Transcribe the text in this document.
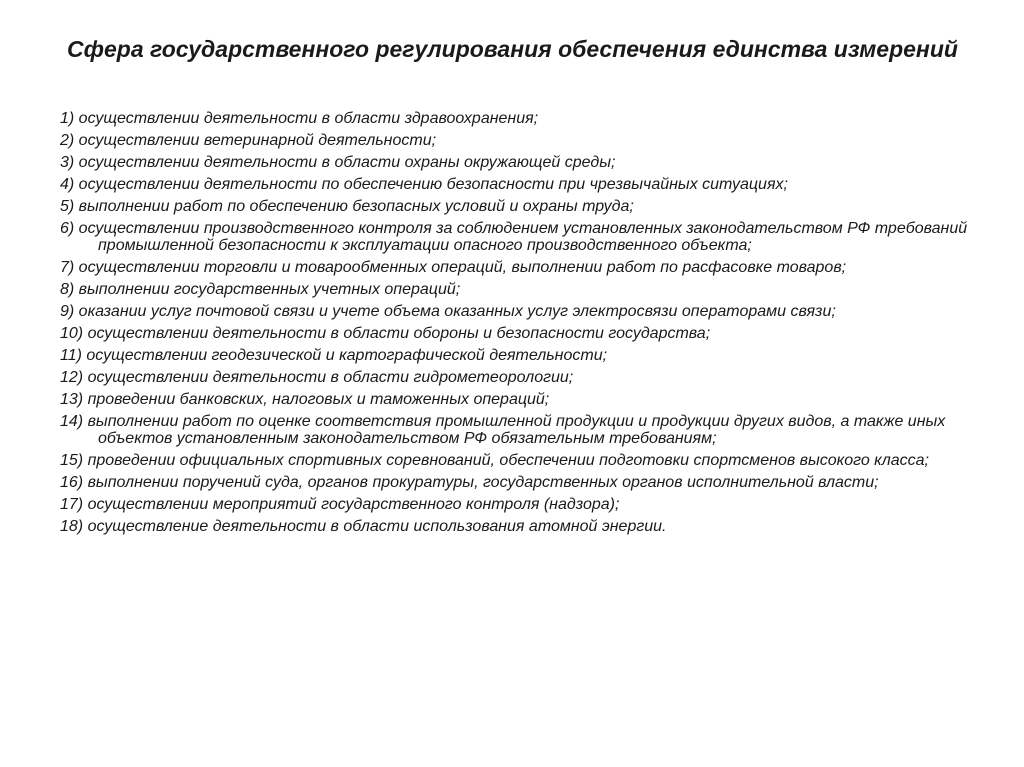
Сфера государственного регулирования обеспечения единства измерений
1) осуществлении деятельности в области здравоохранения;
2) осуществлении ветеринарной деятельности;
3) осуществлении деятельности в области охраны окружающей среды;
4) осуществлении деятельности по обеспечению безопасности при чрезвычайных ситуациях;
5) выполнении работ по обеспечению безопасных условий и охраны труда;
6) осуществлении производственного контроля за соблюдением установленных законодательством РФ требований промышленной безопасности к эксплуатации опасного производственного объекта;
7) осуществлении торговли и товарообменных операций, выполнении работ по расфасовке товаров;
8) выполнении государственных учетных операций;
9) оказании услуг почтовой связи и учете объема оказанных услуг электросвязи операторами связи;
10) осуществлении деятельности в области обороны и безопасности государства;
11) осуществлении геодезической и картографической деятельности;
12) осуществлении деятельности в области гидрометеорологии;
13) проведении банковских, налоговых и таможенных операций;
14) выполнении работ по оценке соответствия промышленной продукции и продукции других видов, а также иных объектов установленным законодательством РФ обязательным требованиям;
15) проведении официальных спортивных соревнований, обеспечении подготовки спортсменов высокого класса;
16) выполнении поручений суда, органов прокуратуры, государственных органов исполнительной власти;
17) осуществлении мероприятий государственного контроля (надзора);
18) осуществление деятельности в области использования атомной энергии.
